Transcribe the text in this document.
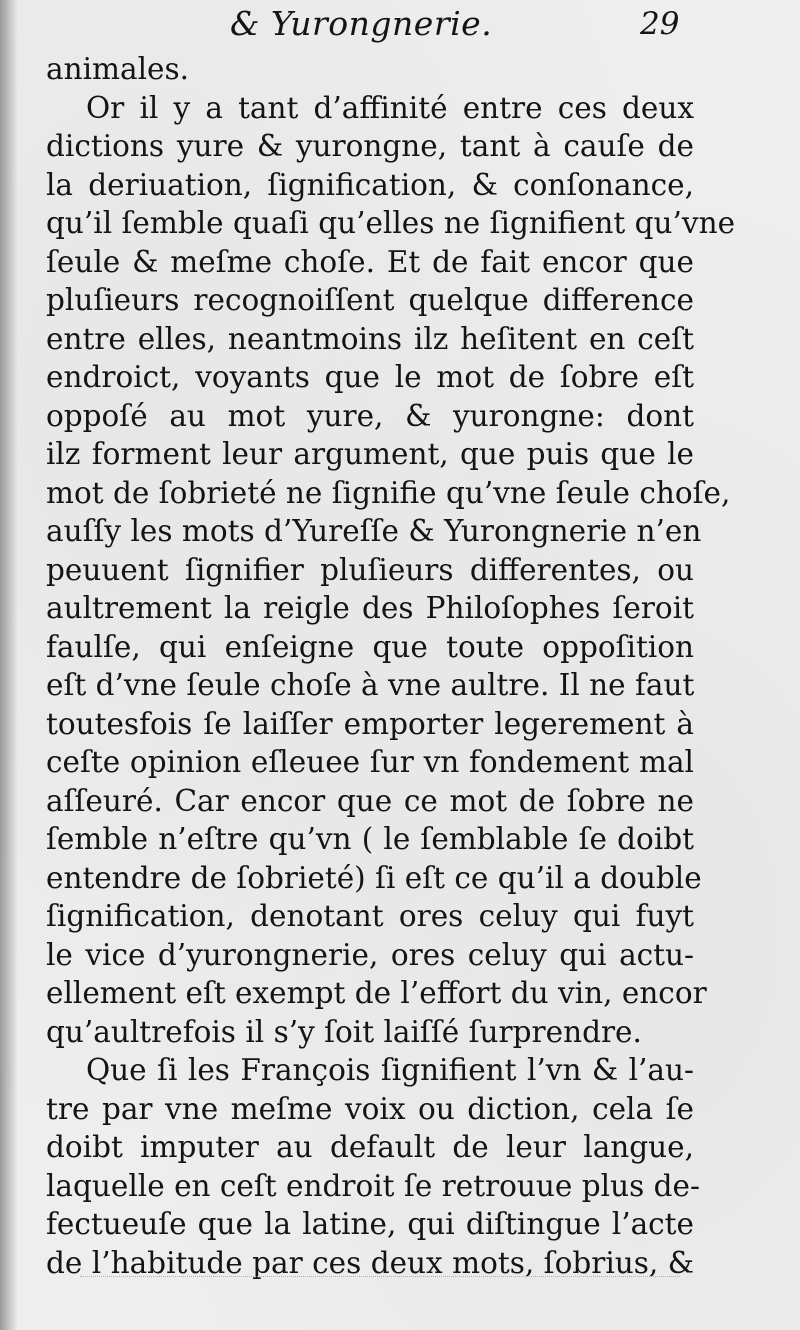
& Yurongnerie.	29
animales.
Or il y a tant d’affinité entre ces deux
dictions yure & yurongne, tant à cauſe de
la deriuation, ſignification, & conſonance,
qu’il ſemble quaſi qu’elles ne ſignifient qu’vne
ſeule & meſme choſe. Et de fait encor que
pluſieurs recognoiſſent quelque difference
entre elles, neantmoins ilz heſitent en ceſt
endroict, voyants que le mot de ſobre eſt
oppoſé au mot yure, & yurongne: dont
ilz forment leur argument, que puis que le
mot de ſobrieté ne ſignifie qu’vne ſeule choſe,
auſſy les mots d’Yureſſe & Yurongnerie n’en
peuuent ſignifier pluſieurs differentes, ou
aultrement la reigle des Philoſophes ſeroit
faulſe, qui enſeigne que toute oppoſition
eſt d’vne ſeule choſe à vne aultre. Il ne faut
toutesfois ſe laiſſer emporter legerement à
ceſte opinion eſleuee ſur vn fondement mal
aſſeuré. Car encor que ce mot de ſobre ne
ſemble n’eſtre qu’vn ( le ſemblable ſe doibt
entendre de ſobrieté) ſi eſt ce qu’il a double
ſignification, denotant ores celuy qui fuyt
le vice d’yurongnerie, ores celuy qui actu-
ellement eſt exempt de l’effort du vin, encor
qu’aultrefois il s’y ſoit laiſſé ſurprendre.
Que ſi les François ſignifient l’vn & l’au-
tre par vne meſme voix ou diction, cela ſe
doibt imputer au default de leur langue,
laquelle en ceſt endroit ſe retrouue plus de-
fectueuſe que la latine, qui diſtingue l’acte
de l’habitude par ces deux mots, ſobrius, &
